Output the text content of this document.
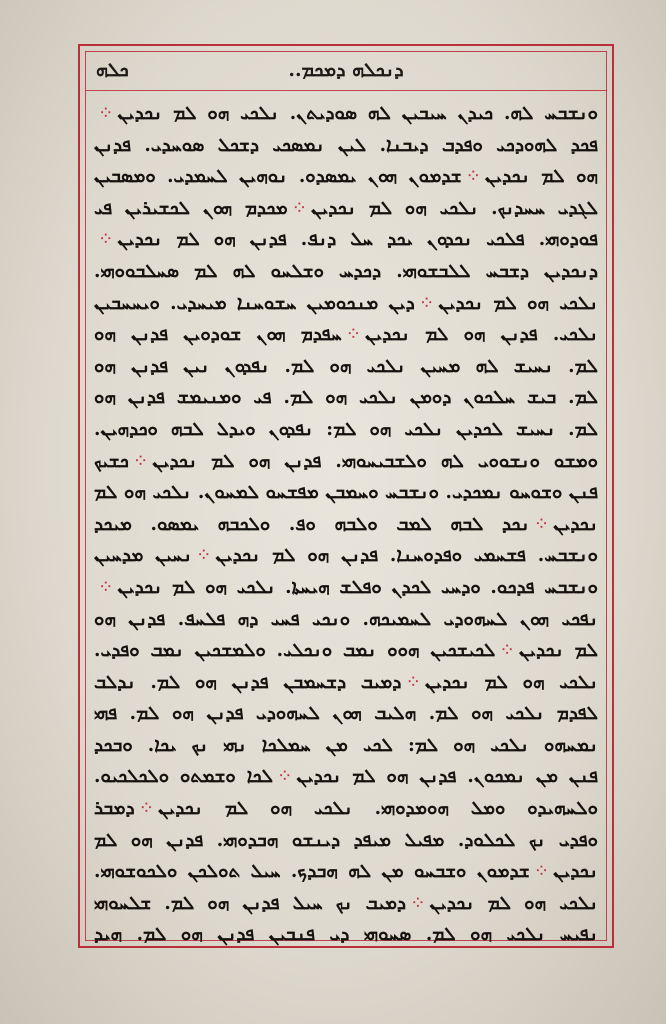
ܕܢܟܠܗ ܕܡܟܡ..
ܟܠܗ
ܘܢܫܒܚ ܠܗ. ܟܝܕܢ ܚܝܒܝܢ ܠܗ ܣܘܕܝܬܢ. ܢܠܟܝ ܗܘ ܠܡ ܢܟܕܝܢ⁘
ܦܟܕ ܠܗܘܕܟܝ ܘܦܕܒ ܕܝܒܢܐ. ܠܝܢ ܢܡܣܟܝ ܕܫܟܠ ܣܘܚܕܝ. ܦܕܢܢ
ܗܘ ܠܡ ܢܟܕܝܢ⁘ܫܕܡܘܢ ܗܘܢ ܝܡܣܕܘ. ܢܘܗܝܢ ܠܚܡܕܝ. ܘܡܣܒܝܢ
ܠܓܕܝ ܚܚܕܢܟ. ܢܠܟܝ ܗܘ ܠܡ ܢܟܕܝܢ⁘ܡܟܕܡ ܗܘܢ ܠܟܫܝܪܝܢ ܦܝ
ܦܘܕܘܗܝ. ܦܠܟܝ ܢܟܕܘܢ ܝܟܕ ܚܠ ܕܢܦ. ܦܕܢܢ ܗܘ ܠܡ ܢܟܕܝܢ⁘
ܕܢܟܕܝܢ ܕܫܒܚ ܠܠܒܫܘܗܝ. ܕܟܕܚ ܘܫܠܚܘ ܠܗ ܠܡ ܣܚܠܒܘܘܗܝ.
ܢܠܟܝ ܗܘ ܠܡ ܢܟܕܝܢ⁘ܕܝܢ ܡܢܟܘܡܝܢ ܚܫܘܚܢܐ ܡܝܚܕܝ. ܘܝܚܚܒܝܢ
ܢܠܟܝ. ܦܕܢܢ ܗܘ ܠܡ ܢܟܕܝܢ⁘ܚܦܕܡ ܗܘܢ ܫܘܕܘܝܢ ܦܕܢܢ ܗܘ
ܠܡ. ܢܚܝܫ ܠܗ ܡܚܝܢ ܢܠܟܝ ܗܘ ܠܡ. ܢܦܕܘܢ ܢܝܢ ܦܕܢܢ ܗܘ
ܠܡ. ܒܝܫ ܚܠܟܘܢ ܕܘܡܢ ܢܠܟܝ ܗܘ ܠܡ. ܦܝ ܘܡܢܝܡܫ ܦܕܢܢ ܗܘ
ܠܡ. ܢܚܝܫ ܠܟܕܝܢ ܢܠܟܝ ܗܘ ܠܡ: ܢܦܕܘܢ ܘܝܕܠ ܠܒܗ ܘܟܕܗܝܢ.
ܘܡܫܘ ܘܢܫܘܘܝ ܠܗ ܘܠܫܒܝܚܘܗܝ. ܦܕܢܢ ܗܘ ܠܡ ܢܟܕܝܢ⁘ܟܫܝܟ
ܦܢܢ ܘܫܘܚܘ ܢܡܟܕܝ. ܘܢܫܒܚ ܘܚܡܒܢ ܡܦܫܚܘ ܠܡܚܘܢ. ܢܠܟܝ ܗܘ ܠܡ
ܢܟܕܝܢ⁘ܢܟܕ ܠܒܗ ܠܡܒ ܘܠܒܗ ܘܦ. ܘܠܟܒܗ ܝܡܣܘ. ܡܝܟܕ
ܘܢܫܒܚ. ܦܫܚܡܝ ܘܦܕܘܚܢܐ. ܦܕܢܢ ܗܘ ܠܡ ܢܟܕܝܢ⁘ܢܚܝܢ ܡܕܚܝܢ
ܘܢܫܒܚ ܦܕܟܘ. ܘܕܚܝ ܠܟܕܢ ܘܦܠܫ ܗܝܚܬܐ. ܢܠܟܝ ܗܘ ܠܡ ܢܟܕܝܢ⁘
ܢܦܟܝ ܗܘܢ ܠܚܗܘܕܝ ܠܚܡܝܟܗ. ܘܢܟܝ ܦܚܝ ܕܗ ܦܠܚܦ. ܦܕܢܢ ܗܘ
ܠܡ ܢܟܕܝܢ⁘ܠܟܝܫܟܝܢ ܗܘܘ ܢܡܒ ܘܢܟܠܝ. ܘܠܡܫܟܝܢ ܢܡܒ ܘܦܕܝ.
ܢܠܟܝ ܗܘ ܠܡ ܢܟܕܝܢ⁘ܕܡܝܒ ܕܫܚܡܒܢ ܦܕܢܢ ܗܘ ܠܡ. ܢܕܠܒ
ܠܦܕܡ ܢܠܟܝ ܗܘ ܠܡ. ܗܠܝܒ ܗܘܢ ܠܚܗܘܕܝ ܦܕܢܢ ܗܘ ܠܡ. ܦܗܝ
ܢܡܚܗܘ ܢܠܟܝ ܗܘ ܠܡ: ܠܟܝ ܡܢ ܚܡܠܟܐ ܢܗܝ ܢܟ ܝܟܐ. ܘܒܟܕ
ܦܢܢ ܡܢ ܢܡܟܘܢ. ܦܕܢܢ ܗܘ ܠܡ ܢܟܕܝܢ⁘ܠܟܐ ܘܫܡܬܘ ܘܠܟܠܟܝܘ.
ܘܠܚܗܝܕܘ ܘܡܠ ܗܘܡܕܘܗܝ. ܢܠܟܝ ܗܘ ܠܡ ܢܟܕܝܢ⁘ܕܡܒܪ
ܘܦܕܝ ܢܟ ܠܟܠܘܕ. ܡܦܝܠ ܡܝܦܕ ܕܝܢܫܘ ܗܒܕܘܗܝ. ܦܕܢܢ ܗܘ ܠܡ
ܢܟܕܝܢ⁘ܫܕܡܘܢ ܘܫܒܚܘ ܡܢ ܠܗ ܗܒܕܟ. ܚܝܠ ܬܘܠܟܢ ܘܠܟܘܫܘܗܝ.
ܢܠܟܝ ܗܘ ܠܡ ܢܟܕܝܢ⁘ܕܡܝܒ ܢܟ ܚܝܠ ܦܕܢܢ ܗܘ ܠܡ. ܫܠܚܘܗܝ
ܢܦܝܚ ܢܠܟܝ ܗܘ ܠܡ. ܣܚܘܗܝ ܕܝ ܦܢܒܝܢ ܦܕܢܢ ܗܘ ܠܡ. ܗܝܕ
